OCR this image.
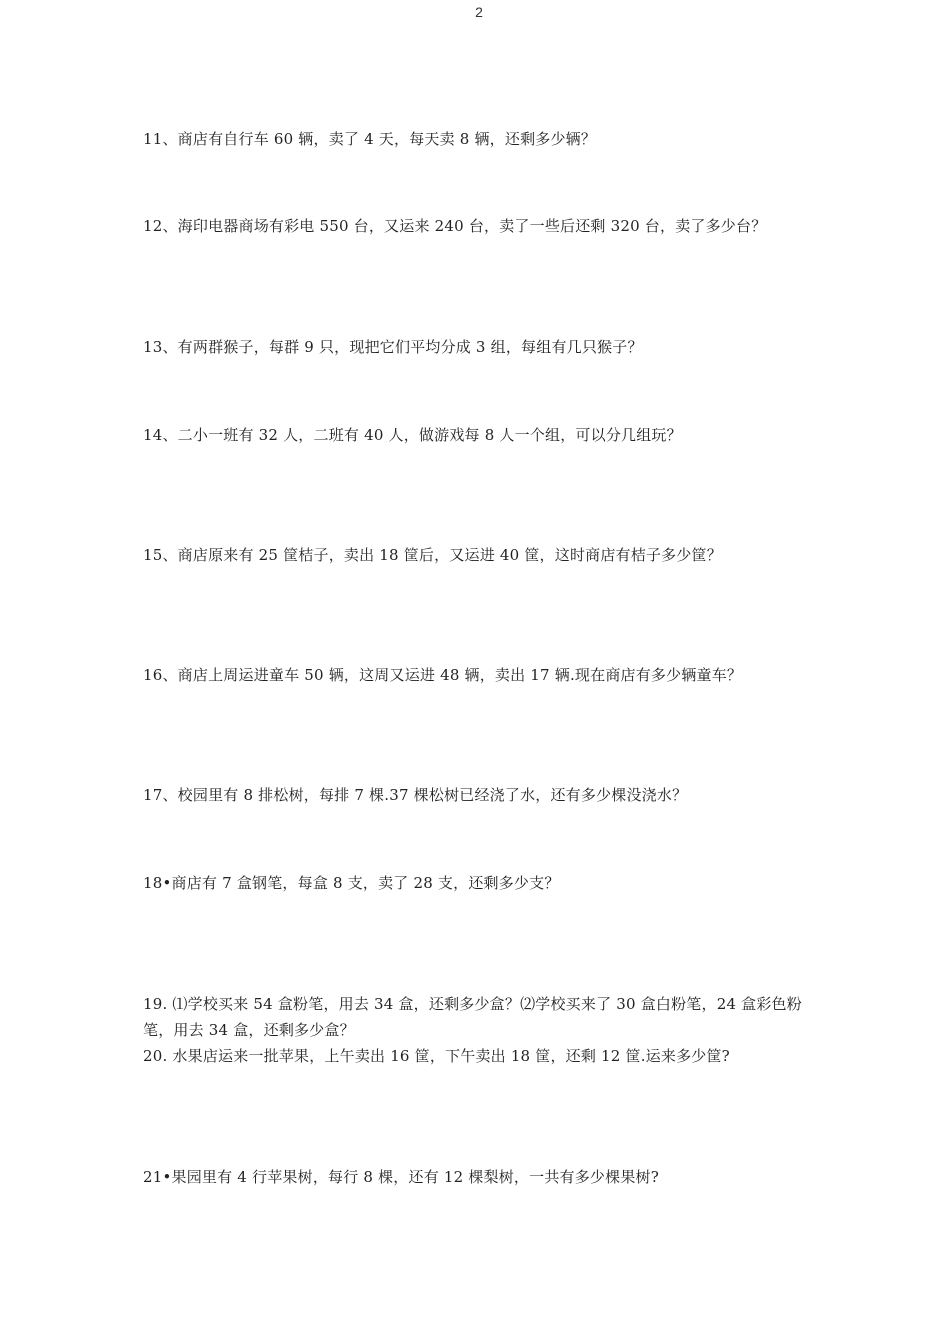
2
11、商店有自行车 60 辆，卖了 4 天，每天卖 8 辆，还剩多少辆？
12、海印电器商场有彩电 550 台，又运来 240 台，卖了一些后还剩 320 台，卖了多少台？
13、有两群猴子，每群 9 只，现把它们平均分成 3 组，每组有几只猴子？
14、二小一班有 32 人，二班有 40 人，做游戏每 8 人一个组，可以分几组玩？
15、商店原来有 25 筐桔子，卖出 18 筐后，又运进 40 筐，这时商店有桔子多少筐？
16、商店上周运进童车 50 辆，这周又运进 48 辆，卖出 17 辆.现在商店有多少辆童车？
17、校园里有 8 排松树，每排 7 棵.37 棵松树已经浇了水，还有多少棵没浇水？
18•商店有 7 盒钢笔，每盒 8 支，卖了 28 支，还剩多少支？
19. ⑴学校买来 54 盒粉笔，用去 34 盒，还剩多少盒？⑵学校买来了 30 盒白粉笔，24 盒彩色粉笔，用去 34 盒，还剩多少盒？
20. 水果店运来一批苹果，上午卖出 16 筐，下午卖出 18 筐，还剩 12 筐.运来多少筐?
21•果园里有 4 行苹果树，每行 8 棵，还有 12 棵梨树，一共有多少棵果树?
